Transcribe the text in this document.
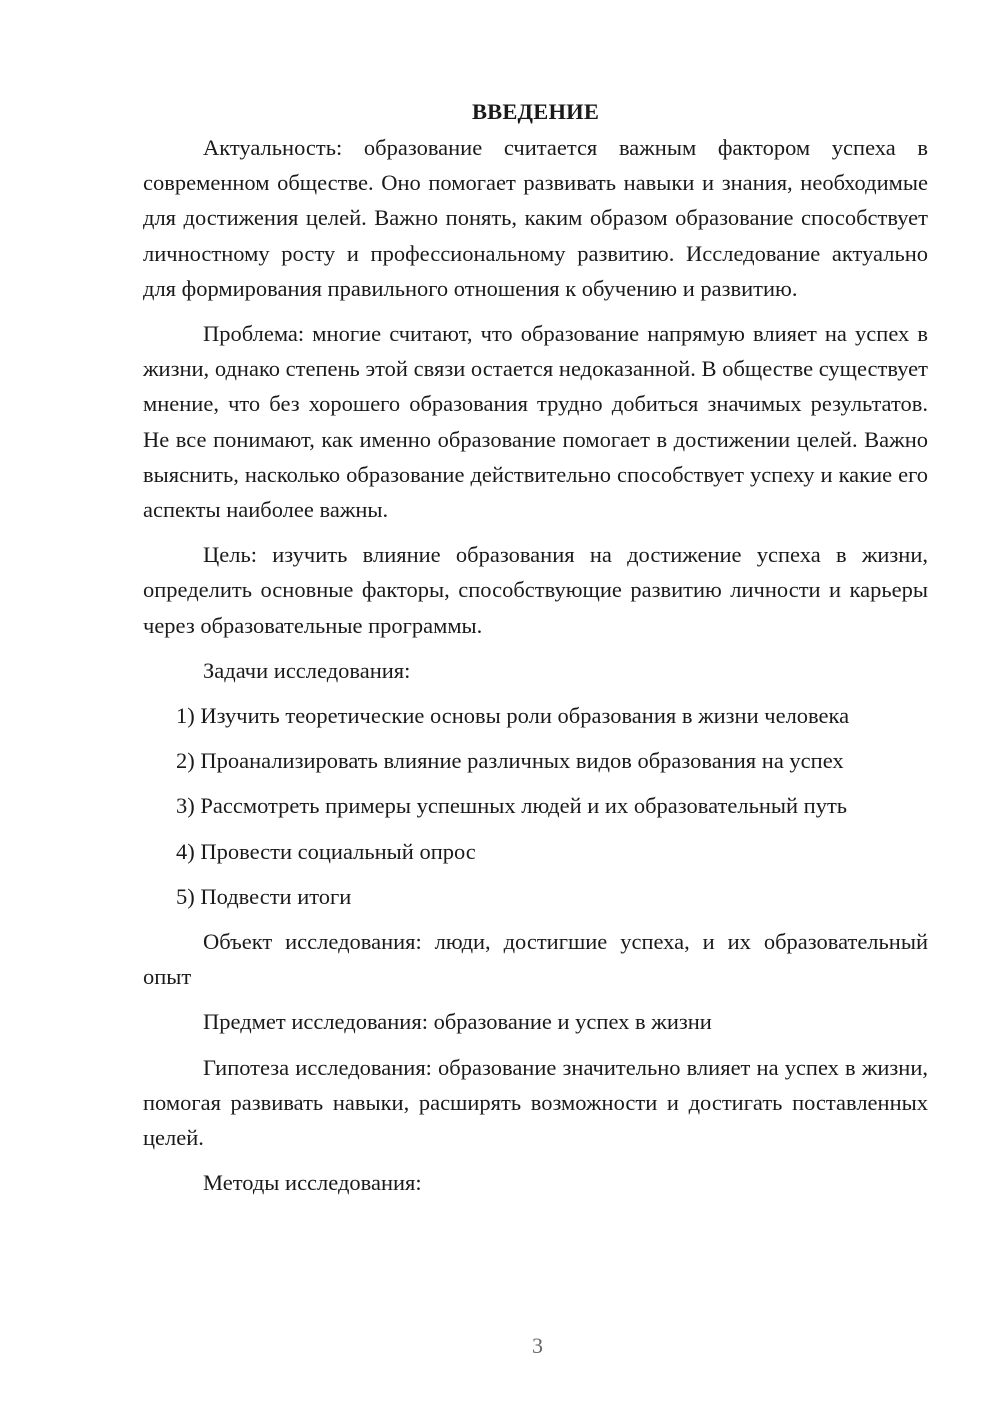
ВВЕДЕНИЕ

Актуальность: образование считается важным фактором успеха в современном обществе. Оно помогает развивать навыки и знания, необходимые для достижения целей. Важно понять, каким образом образование способствует личностному росту и профессиональному развитию. Исследование актуально для формирования правильного отношения к обучению и развитию.

Проблема: многие считают, что образование напрямую влияет на успех в жизни, однако степень этой связи остается недоказанной. В обществе существует мнение, что без хорошего образования трудно добиться значимых результатов. Не все понимают, как именно образование помогает в достижении целей. Важно выяснить, насколько образование действительно способствует успеху и какие его аспекты наиболее важны.

Цель: изучить влияние образования на достижение успеха в жизни, определить основные факторы, способствующие развитию личности и карьеры через образовательные программы.

Задачи исследования:

1) Изучить теоретические основы роли образования в жизни человека
2) Проанализировать влияние различных видов образования на успех
3) Рассмотреть примеры успешных людей и их образовательный путь
4) Провести социальный опрос
5) Подвести итоги

Объект исследования: люди, достигшие успеха, и их образовательный опыт

Предмет исследования: образование и успех в жизни

Гипотеза исследования: образование значительно влияет на успех в жизни, помогая развивать навыки, расширять возможности и достигать поставленных целей.

Методы исследования:

3
